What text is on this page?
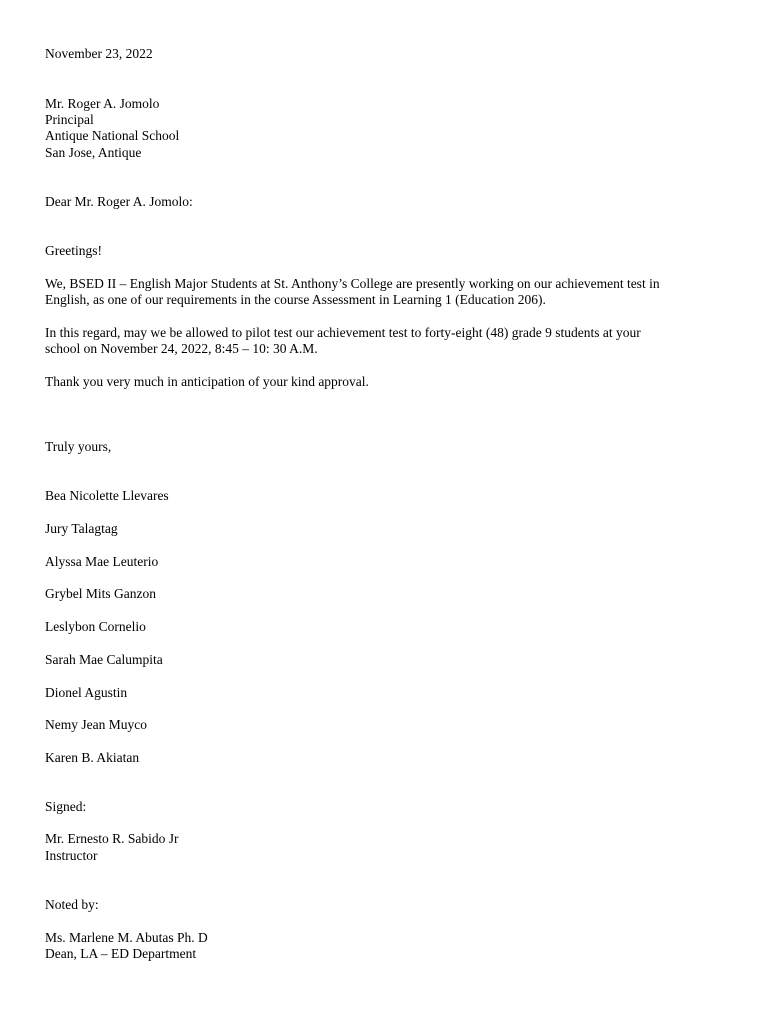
November 23, 2022
Mr. Roger A. Jomolo
Principal
Antique National School
San Jose, Antique
Dear Mr. Roger A. Jomolo:
Greetings!
We, BSED II – English Major Students at St. Anthony’s College are presently working on our achievement test in
English, as one of our requirements in the course Assessment in Learning 1 (Education 206).
In this regard, may we be allowed to pilot test our achievement test to forty-eight (48) grade 9 students at your
school on November 24, 2022, 8:45 – 10: 30 A.M.
Thank you very much in anticipation of your kind approval.
Truly yours,
Bea Nicolette Llevares
Jury Talagtag
Alyssa Mae Leuterio
Grybel Mits Ganzon
Leslybon Cornelio
Sarah Mae Calumpita
Dionel Agustin
Nemy Jean Muyco
Karen B. Akiatan
Signed:
Mr. Ernesto R. Sabido Jr
Instructor
Noted by:
Ms. Marlene M. Abutas Ph. D
Dean, LA – ED Department
